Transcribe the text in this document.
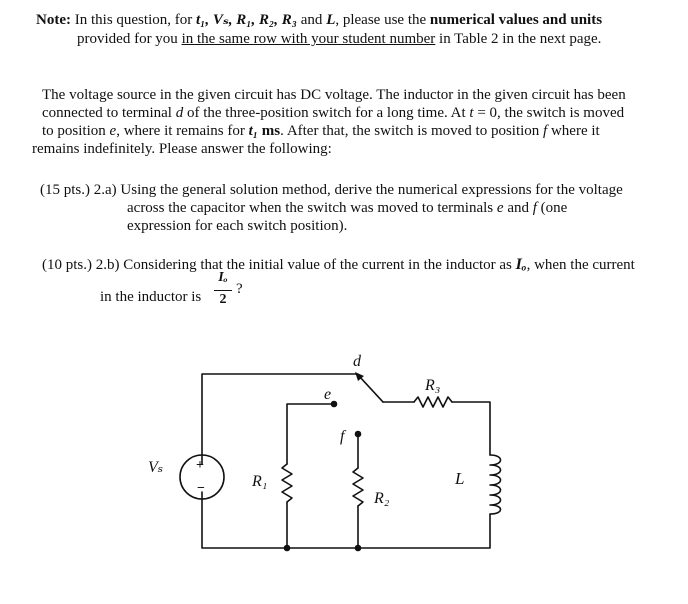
Note: In this question, for t₁, Vₛ, R₁, R₂, R₃ and L, please use the numerical values and units
provided for you in the same row with your student number in Table 2 in the next page.
The voltage source in the given circuit has DC voltage. The inductor in the given circuit has been
connected to terminal d of the three-position switch for a long time. At t = 0, the switch is moved
to position e, where it remains for t₁ ms. After that, the switch is moved to position f where it
remains indefinitely. Please answer the following:
(15 pts.) 2.a) Using the general solution method, derive the numerical expressions for the voltage
across the capacitor when the switch was moved to terminals e and f (one
expression for each switch position).
(10 pts.) 2.b) Considering that the initial value of the current in the inductor as Iₒ, when the current
in the inductor is
Iₒ
2
?
+
−
Vₛ
R₁
R₂
R₃
L
d
e
f
